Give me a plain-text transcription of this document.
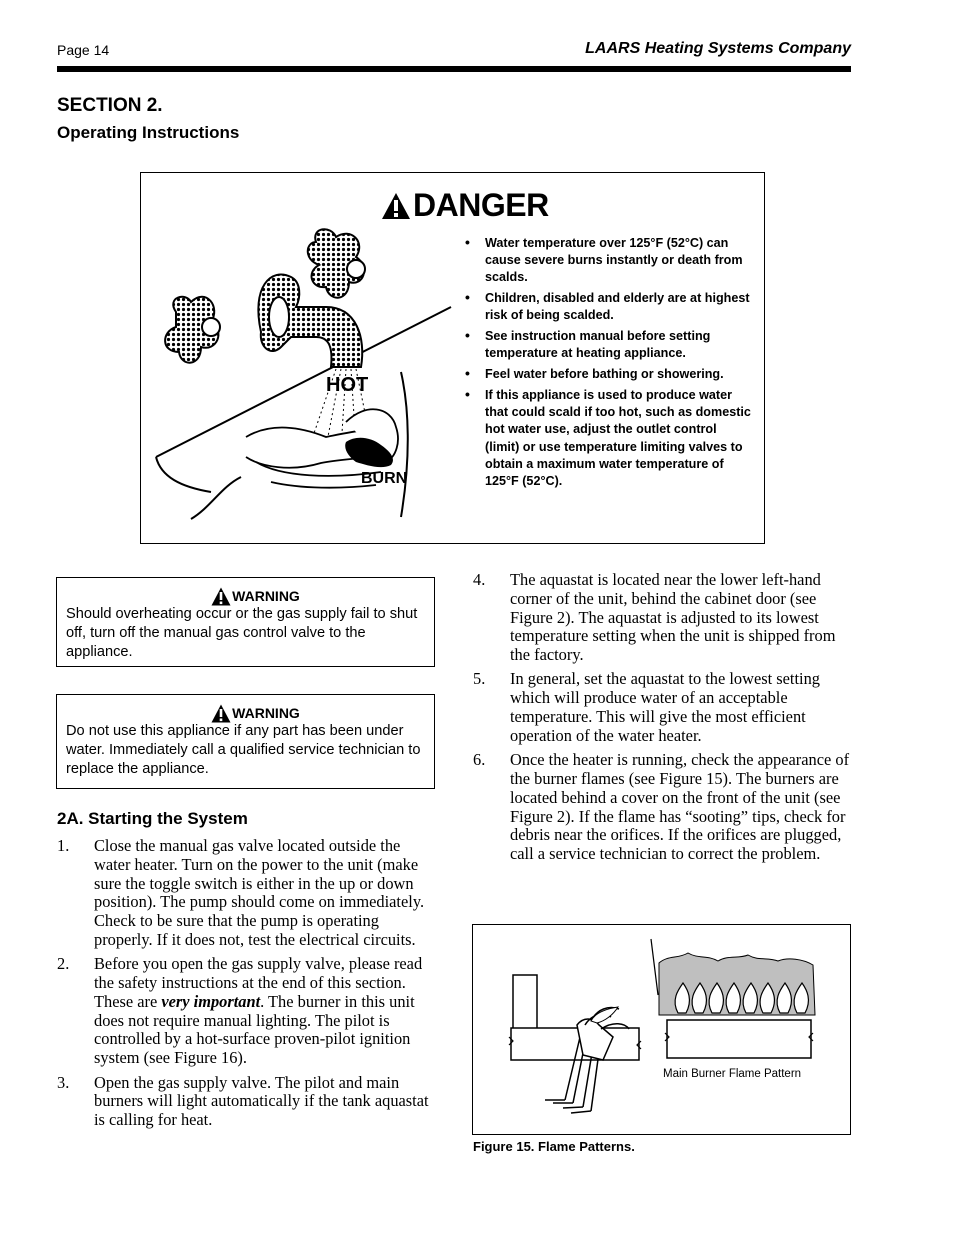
Page 14	LAARS Heating Systems Company
SECTION 2.
Operating Instructions
DANGER
HOT
BURN
• Water temperature over 125°F (52°C) can cause severe burns instantly or death from scalds.
• Children, disabled and elderly are at highest risk of being scalded.
• See instruction manual before setting temperature at heating appliance.
• Feel water before bathing or showering.
• If this appliance is used to produce water that could scald if too hot, such as domestic hot water use, adjust the outlet control (limit) or use temperature limiting valves to obtain a maximum water temperature of 125°F (52°C).
WARNING
Should overheating occur or the gas supply fail to shut off, turn off the manual gas control valve to the appliance.
WARNING
Do not use this appliance if any part has been under water. Immediately call a qualified service technician to replace the appliance.
2A. Starting the System
1. Close the manual gas valve located outside the water heater. Turn on the power to the unit (make sure the toggle switch is either in the up or down position). The pump should come on immediately. Check to be sure that the pump is operating properly. If it does not, test the electrical circuits.
2. Before you open the gas supply valve, please read the safety instructions at the end of this section. These are very important. The burner in this unit does not require manual lighting. The pilot is controlled by a hot-surface proven-pilot ignition system (see Figure 16).
3. Open the gas supply valve. The pilot and main burners will light automatically if the tank aquastat is calling for heat.
4. The aquastat is located near the lower left-hand corner of the unit, behind the cabinet door (see Figure 2). The aquastat is adjusted to its lowest temperature setting when the unit is shipped from the factory.
5. In general, set the aquastat to the lowest setting which will produce water of an acceptable temperature. This will give the most efficient operation of the water heater.
6. Once the heater is running, check the appearance of the burner flames (see Figure 15). The burners are located behind a cover on the front of the unit (see Figure 2). If the flame has “sooting” tips, check for debris near the orifices. If the orifices are plugged, call a service technician to correct the problem.
Main Burner Flame Pattern
Figure 15. Flame Patterns.
